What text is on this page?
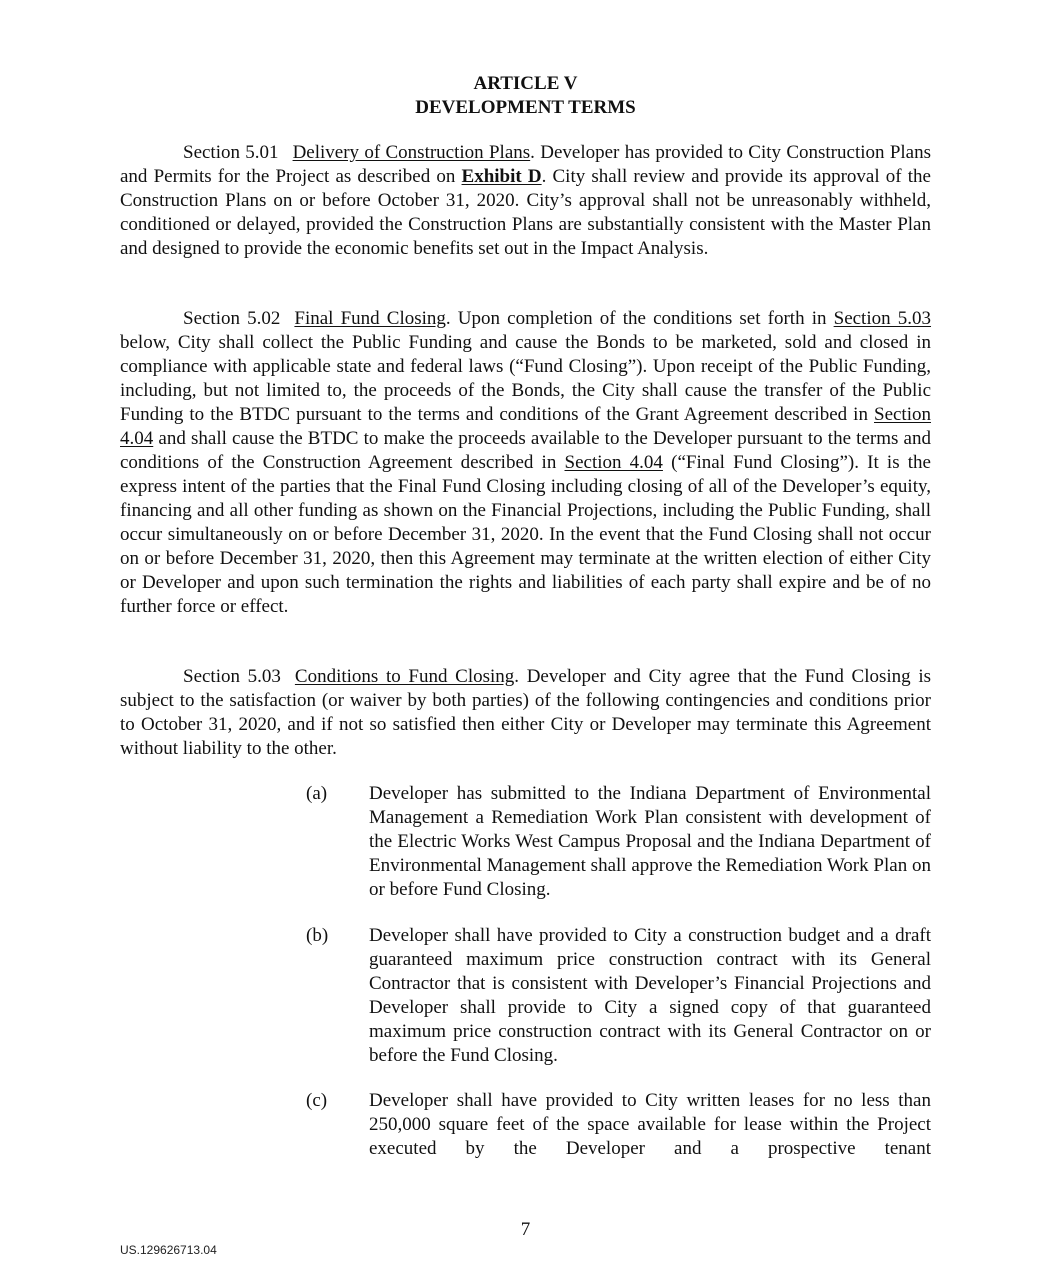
ARTICLE V
DEVELOPMENT TERMS

Section 5.01 Delivery of Construction Plans. Developer has provided to City Construction Plans and Permits for the Project as described on Exhibit D. City shall review and provide its approval of the Construction Plans on or before October 31, 2020. City’s approval shall not be unreasonably withheld, conditioned or delayed, provided the Construction Plans are substantially consistent with the Master Plan and designed to provide the economic benefits set out in the Impact Analysis.

Section 5.02 Final Fund Closing. Upon completion of the conditions set forth in Section 5.03 below, City shall collect the Public Funding and cause the Bonds to be marketed, sold and closed in compliance with applicable state and federal laws (“Fund Closing”). Upon receipt of the Public Funding, including, but not limited to, the proceeds of the Bonds, the City shall cause the transfer of the Public Funding to the BTDC pursuant to the terms and conditions of the Grant Agreement described in Section 4.04 and shall cause the BTDC to make the proceeds available to the Developer pursuant to the terms and conditions of the Construction Agreement described in Section 4.04 (“Final Fund Closing”). It is the express intent of the parties that the Final Fund Closing including closing of all of the Developer’s equity, financing and all other funding as shown on the Financial Projections, including the Public Funding, shall occur simultaneously on or before December 31, 2020. In the event that the Fund Closing shall not occur on or before December 31, 2020, then this Agreement may terminate at the written election of either City or Developer and upon such termination the rights and liabilities of each party shall expire and be of no further force or effect.

Section 5.03 Conditions to Fund Closing. Developer and City agree that the Fund Closing is subject to the satisfaction (or waiver by both parties) of the following contingencies and conditions prior to October 31, 2020, and if not so satisfied then either City or Developer may terminate this Agreement without liability to the other.

(a)	Developer has submitted to the Indiana Department of Environmental Management a Remediation Work Plan consistent with development of the Electric Works West Campus Proposal and the Indiana Department of Environmental Management shall approve the Remediation Work Plan on or before Fund Closing.
(b)	Developer shall have provided to City a construction budget and a draft guaranteed maximum price construction contract with its General Contractor that is consistent with Developer’s Financial Projections and Developer shall provide to City a signed copy of that guaranteed maximum price construction contract with its General Contractor on or before the Fund Closing.
(c)	Developer shall have provided to City written leases for no less than 250,000 square feet of the space available for lease within the Project executed by the Developer and a prospective tenant
7
US.129626713.04
